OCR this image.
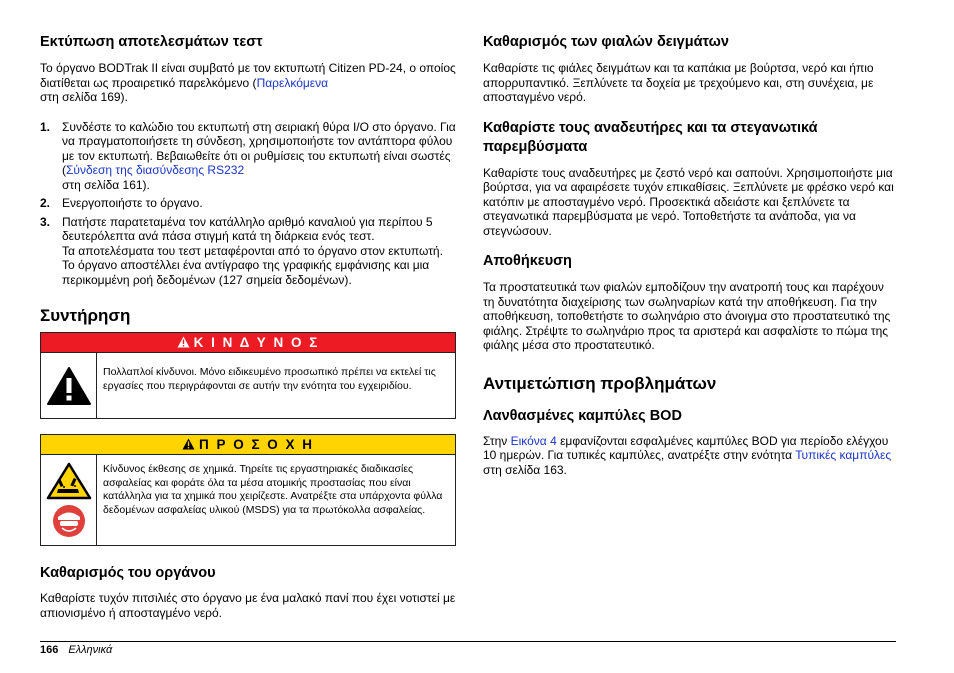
Εκτύπωση αποτελεσμάτων τεστ

Το όργανο BODTrak II είναι συμβατό με τον εκτυπωτή Citizen PD-24, ο οποίος διατίθεται ως προαιρετικό παρελκόμενο (Παρελκόμενα
στη σελίδα 169).

1. Συνδέστε το καλώδιο του εκτυπωτή στη σειριακή θύρα I/O στο όργανο. Για να πραγματοποιήσετε τη σύνδεση, χρησιμοποιήστε τον αντάπτορα φύλου με τον εκτυπωτή. Βεβαιωθείτε ότι οι ρυθμίσεις του εκτυπωτή είναι σωστές (Σύνδεση της διασύνδεσης RS232
στη σελίδα 161).
2. Ενεργοποιήστε το όργανο.
3. Πατήστε παρατεταμένα τον κατάλληλο αριθμό καναλιού για περίπου 5 δευτερόλεπτα ανά πάσα στιγμή κατά τη διάρκεια ενός τεστ.
Τα αποτελέσματα του τεστ μεταφέρονται από το όργανο στον εκτυπωτή. Το όργανο αποστέλλει ένα αντίγραφο της γραφικής εμφάνισης και μια περικομμένη ροή δεδομένων (127 σημεία δεδομένων).
Συντήρηση
Κ Ι Ν Δ Υ Ν Ο Σ
Πολλαπλοί κίνδυνοι. Μόνο ειδικευμένο προσωπικό πρέπει να εκτελεί τις εργασίες που περιγράφονται σε αυτήν την ενότητα του εγχειριδίου.
Π Ρ Ο Σ Ο Χ Η
Κίνδυνος έκθεσης σε χημικά. Τηρείτε τις εργαστηριακές διαδικασίες ασφαλείας και φοράτε όλα τα μέσα ατομικής προστασίας που είναι κατάλληλα για τα χημικά που χειρίζεστε. Ανατρέξτε στα υπάρχοντα φύλλα δεδομένων ασφαλείας υλικού (MSDS) για τα πρωτόκολλα ασφαλείας.
Καθαρισμός του οργάνου

Καθαρίστε τυχόν πιτσιλιές στο όργανο με ένα μαλακό πανί που έχει νοτιστεί με απιονισμένο ή αποσταγμένο νερό.

Καθαρισμός των φιαλών δειγμάτων

Καθαρίστε τις φιάλες δειγμάτων και τα καπάκια με βούρτσα, νερό και ήπιο απορρυπαντικό. Ξεπλύνετε τα δοχεία με τρεχούμενο και, στη συνέχεια, με αποσταγμένο νερό.

Καθαρίστε τους αναδευτήρες και τα στεγανωτικά παρεμβύσματα

Καθαρίστε τους αναδευτήρες με ζεστό νερό και σαπούνι. Χρησιμοποιήστε μια βούρτσα, για να αφαιρέσετε τυχόν επικαθίσεις. Ξεπλύνετε με φρέσκο νερό και κατόπιν με αποσταγμένο νερό. Προσεκτικά αδειάστε και ξεπλύνετε τα στεγανωτικά παρεμβύσματα με νερό. Τοποθετήστε τα ανάποδα, για να στεγνώσουν.

Αποθήκευση

Τα προστατευτικά των φιαλών εμποδίζουν την ανατροπή τους και παρέχουν τη δυνατότητα διαχείρισης των σωληναρίων κατά την αποθήκευση. Για την αποθήκευση, τοποθετήστε το σωληνάριο στο άνοιγμα στο προστατευτικό της φιάλης. Στρέψτε το σωληνάριο προς τα αριστερά και ασφαλίστε το πώμα της φιάλης μέσα στο προστατευτικό.

Αντιμετώπιση προβλημάτων
Λανθασμένες καμπύλες BOD

Στην Εικόνα 4 εμφανίζονται εσφαλμένες καμπύλες BOD για περίοδο ελέγχου 10 ημερών. Για τυπικές καμπύλες, ανατρέξτε στην ενότητα Τυπικές καμπύλες στη σελίδα 163.

166 Ελληνικά
